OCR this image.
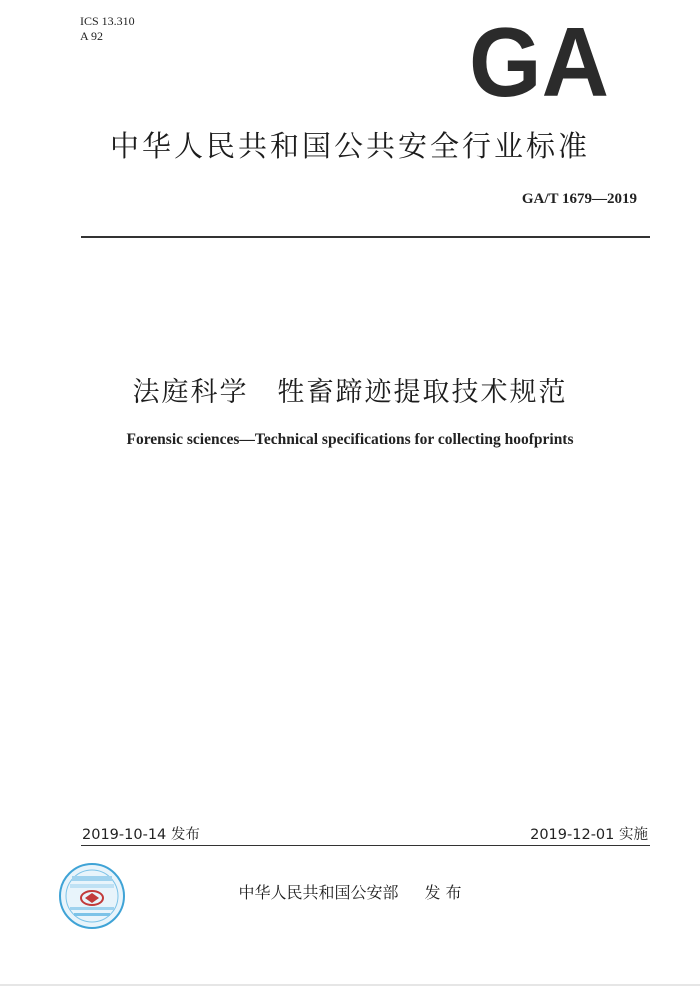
ICS 13.310
A 92	GA
中华人民共和国公共安全行业标准
GA/T 1679—2019
法庭科学　牲畜蹄迹提取技术规范
Forensic sciences—Technical specifications for collecting hoofprints
2019-10-14 发布	2019-12-01 实施
中华人民共和国公安部 发 布
